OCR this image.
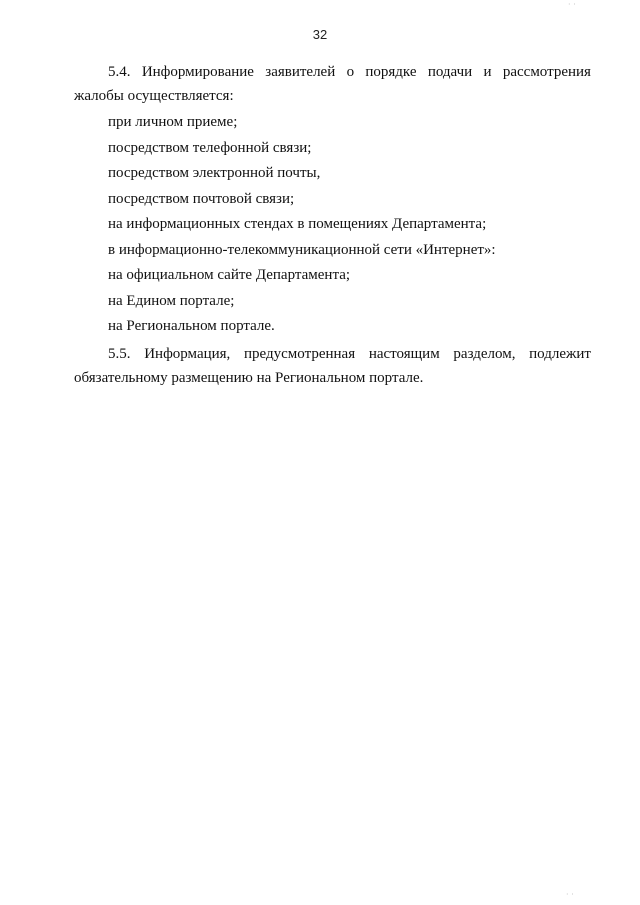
32
5.4. Информирование заявителей о порядке подачи и рассмотрения
жалобы осуществляется:
при личном приеме;
посредством телефонной связи;
посредством электронной почты,
посредством почтовой связи;
на информационных стендах в помещениях Департамента;
в информационно-телекоммуникационной сети «Интернет»:
на официальном сайте Департамента;
на Едином портале;
на Региональном портале.
5.5. Информация, предусмотренная настоящим разделом, подлежит
обязательному размещению на Региональном портале.
· ·
· ·
